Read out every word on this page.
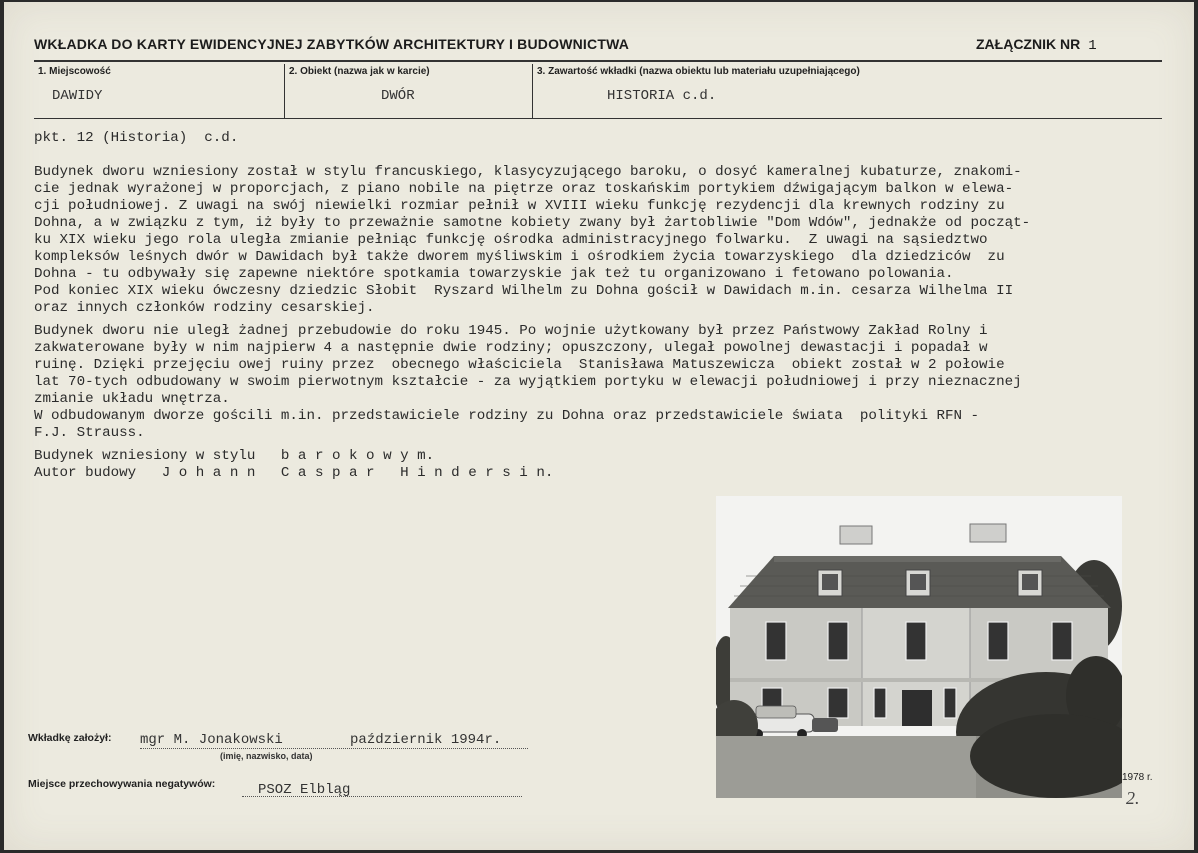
WKŁADKA DO KARTY EWIDENCYJNEJ ZABYTKÓW ARCHITEKTURY I BUDOWNICTWA	ZAŁĄCZNIK NR 1
1. Miejscowość
DAWIDY
2. Obiekt (nazwa jak w karcie)
DWÓR
3. Zawartość wkładki (nazwa obiektu lub materiału uzupełniającego)
HISTORIA c.d.

pkt. 12 (Historia)  c.d.

Budynek dworu wzniesiony został w stylu francuskiego, klasycyzującego baroku, o dosyć kameralnej kubaturze, znakomi-

cie jednak wyrażonej w proporcjach, z piano nobile na piętrze oraz toskańskim portykiem dźwigającym balkon w elewa-

cji południowej. Z uwagi na swój niewielki rozmiar pełnił w XVIII wieku funkcję rezydencji dla krewnych rodziny zu

Dohna, a w związku z tym, iż były to przeważnie samotne kobiety zwany był żartobliwie "Dom Wdów", jednakże od począt-

ku XIX wieku jego rola uległa zmianie pełniąc funkcję ośrodka administracyjnego folwarku.  Z uwagi na sąsiedztwo

kompleksów leśnych dwór w Dawidach był także dworem myśliwskim i ośrodkiem życia towarzyskiego  dla dziedziców  zu

Dohna - tu odbywały się zapewne niektóre spotkamia towarzyskie jak też tu organizowano i fetowano polowania.

Pod koniec XIX wieku ówczesny dziedzic Słobit  Ryszard Wilhelm zu Dohna gościł w Dawidach m.in. cesarza Wilhelma II

oraz innych członków rodziny cesarskiej.

Budynek dworu nie uległ żadnej przebudowie do roku 1945. Po wojnie użytkowany był przez Państwowy Zakład Rolny i

zakwaterowane były w nim najpierw 4 a następnie dwie rodziny; opuszczony, ulegał powolnej dewastacji i popadał w

ruinę. Dzięki przejęciu owej ruiny przez  obecnego właściciela  Stanisława Matuszewicza  obiekt został w 2 połowie

lat 70-tych odbudowany w swoim pierwotnym kształcie - za wyjątkiem portyku w elewacji południowej i przy nieznacznej

zmianie układu wnętrza.

W odbudowanym dworze gościli m.in. przedstawiciele rodziny zu Dohna oraz przedstawiciele świata  polityki RFN -

F.J. Strauss.

Budynek wzniesiony w stylu   b a r o k o w y m.

Autor budowy   J o h a n n   C a s p a r   H i n d e r s i n.

1978 r.
2.
Wkładkę założył: mgr M. Jonakowski        październik 1994r.
(imię, nazwisko, data)
Miejsce przechowywania negatywów:	PSOZ Elbląg
